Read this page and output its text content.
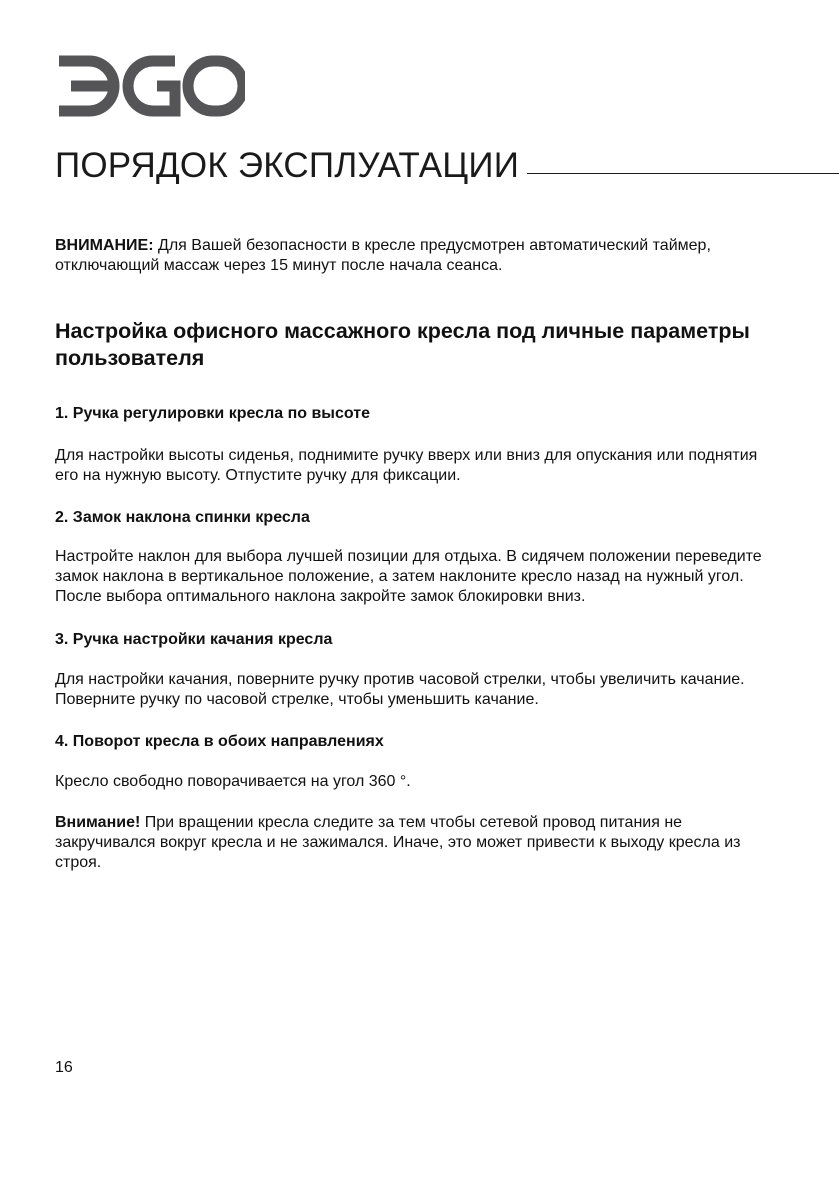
ПОРЯДОК ЭКСПЛУАТАЦИИ

ВНИМАНИЕ: Для Вашей безопасности в кресле предусмотрен автоматический таймер, отключающий массаж через 15 минут после начала сеанса.

Настройка офисного массажного кресла под личные параметры пользователя
1. Ручка регулировки кресла по высоте

Для настройки высоты сиденья, поднимите ручку вверх или вниз для опускания или поднятия его на нужную высоту. Отпустите ручку для фиксации.

2. Замок наклона спинки кресла

Настройте наклон для выбора лучшей позиции для отдыха. В сидячем положении переведите замок наклона в вертикальное положение, а затем наклоните кресло назад на нужный угол. После выбора оптимального наклона закройте замок блокировки вниз.

3. Ручка настройки качания кресла

Для настройки качания, поверните ручку против часовой стрелки, чтобы увеличить качание. Поверните ручку по часовой стрелке, чтобы уменьшить качание.

4. Поворот кресла в обоих направлениях

Кресло свободно поворачивается на угол 360 °.

Внимание! При вращении кресла следите за тем чтобы сетевой провод питания не закручивался вокруг кресла и не зажимался. Иначе, это может привести к выходу кресла из строя.

16
